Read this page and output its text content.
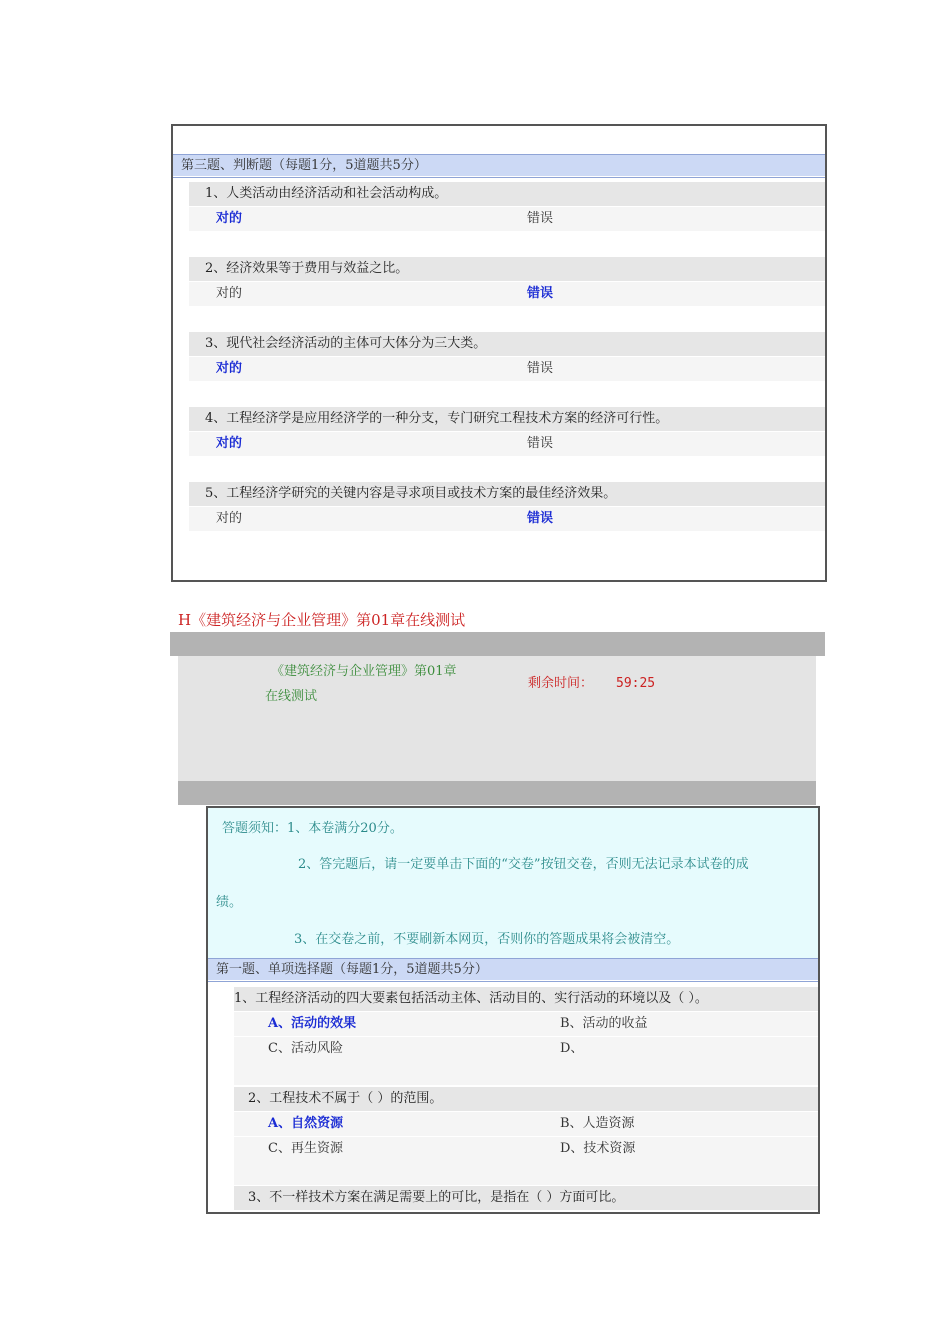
第三题、判断题（每题1分，5道题共5分）
1、人类活动由经济活动和社会活动构成。
对的	错误
2、经济效果等于费用与效益之比。
对的	错误
3、现代社会经济活动的主体可大体分为三大类。
对的	错误
4、工程经济学是应用经济学的一种分支，专门研究工程技术方案的经济可行性。
对的	错误
5、工程经济学研究的关键内容是寻求项目或技术方案的最佳经济效果。
对的	错误
H《建筑经济与企业管理》第01章在线测试
《建筑经济与企业管理》第01章
在线测试
剩余时间： 59:25
答题须知：1、本卷满分20分。
2、答完题后，请一定要单击下面的“交卷”按钮交卷，否则无法记录本试卷的成
绩。
3、在交卷之前，不要刷新本网页，否则你的答题成果将会被清空。
第一题、单项选择题（每题1分，5道题共5分）
1、工程经济活动的四大要素包括活动主体、活动目的、实行活动的环境以及（ ）。
A、活动的效果	B、活动的收益
C、活动风险	D、
2、工程技术不属于（ ）的范围。
A、自然资源	B、人造资源
C、再生资源	D、技术资源
3、不一样技术方案在满足需要上的可比，是指在（ ）方面可比。
